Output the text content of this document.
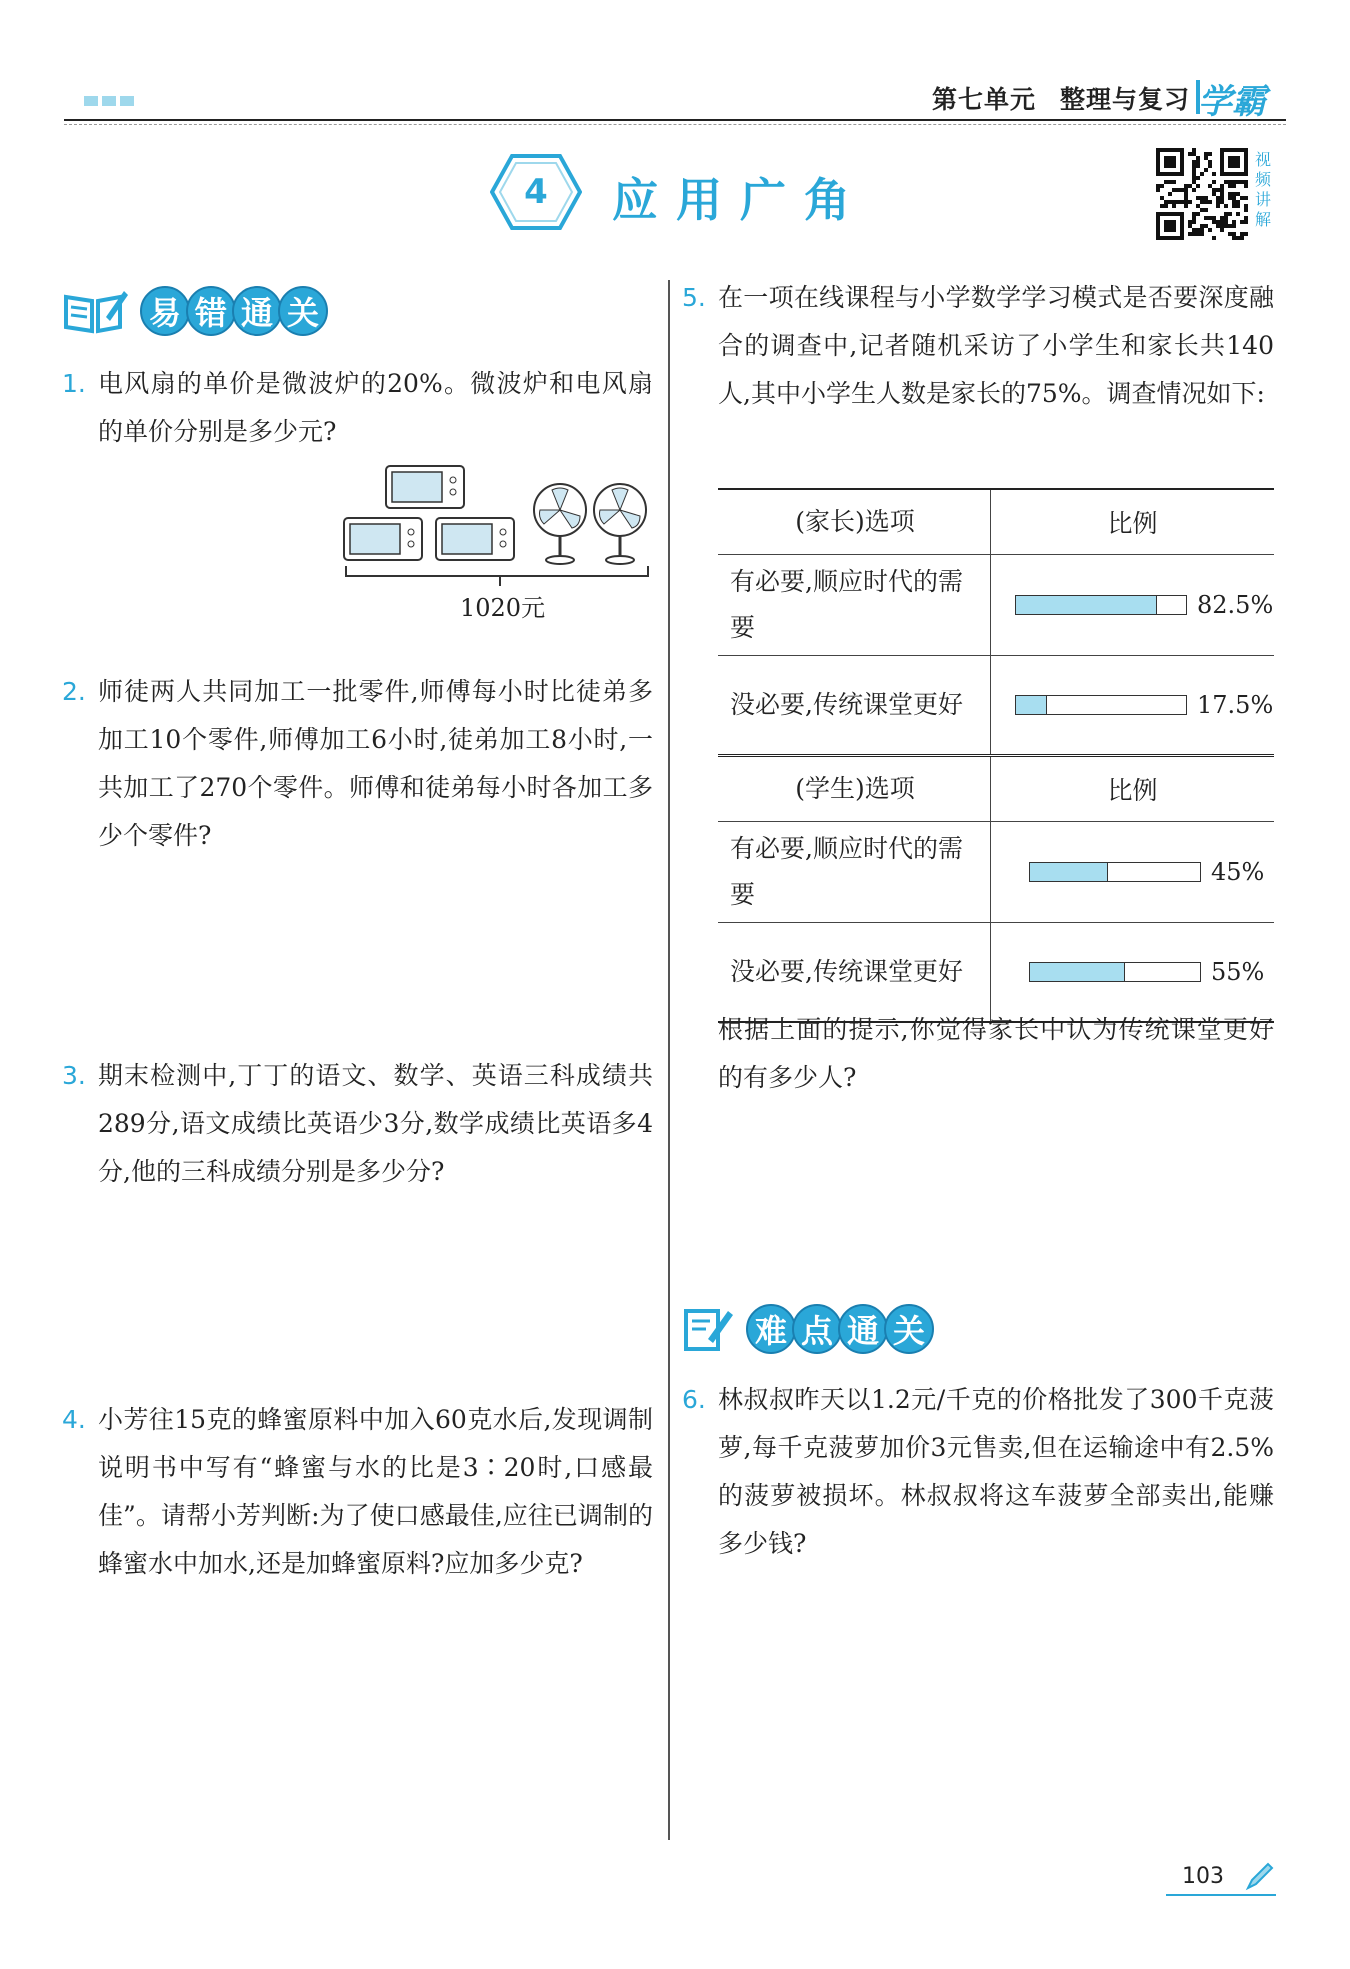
第七单元 整理与复习 学霸
4	应用广角
视频讲解
易 错 通 关
1. 电风扇的单价是微波炉的20%。微波炉和电风扇的单价分别是多少元?

1020元
2. 师徒两人共同加工一批零件,师傅每小时比徒弟多加工10个零件,师傅加工6小时,徒弟加工8小时,一共加工了270个零件。师傅和徒弟每小时各加工多少个零件?

3. 期末检测中,丁丁的语文、数学、英语三科成绩共289分,语文成绩比英语少3分,数学成绩比英语多4分,他的三科成绩分别是多少分?

4. 小芳往15克的蜂蜜原料中加入60克水后,发现调制说明书中写有“蜂蜜与水的比是3∶20时,口感最佳”。请帮小芳判断:为了使口感最佳,应往已调制的蜂蜜水中加水,还是加蜂蜜原料?应加多少克?

5. 在一项在线课程与小学数学学习模式是否要深度融合的调查中,记者随机采访了小学生和家长共140人,其中小学生人数是家长的75%。调查情况如下:

(家长)选项	比例
有必要,顺应时代的需要	82.5%

没必要,传统课堂更好	17.5%

(学生)选项	比例
有必要,顺应时代的需要	45%

没必要,传统课堂更好	55%

根据上面的提示,你觉得家长中认为传统课堂更好的有多少人?

难 点 通 关
6. 林叔叔昨天以1.2元/千克的价格批发了300千克菠萝,每千克菠萝加价3元售卖,但在运输途中有2.5%的菠萝被损坏。林叔叔将这车菠萝全部卖出,能赚多少钱?

103
